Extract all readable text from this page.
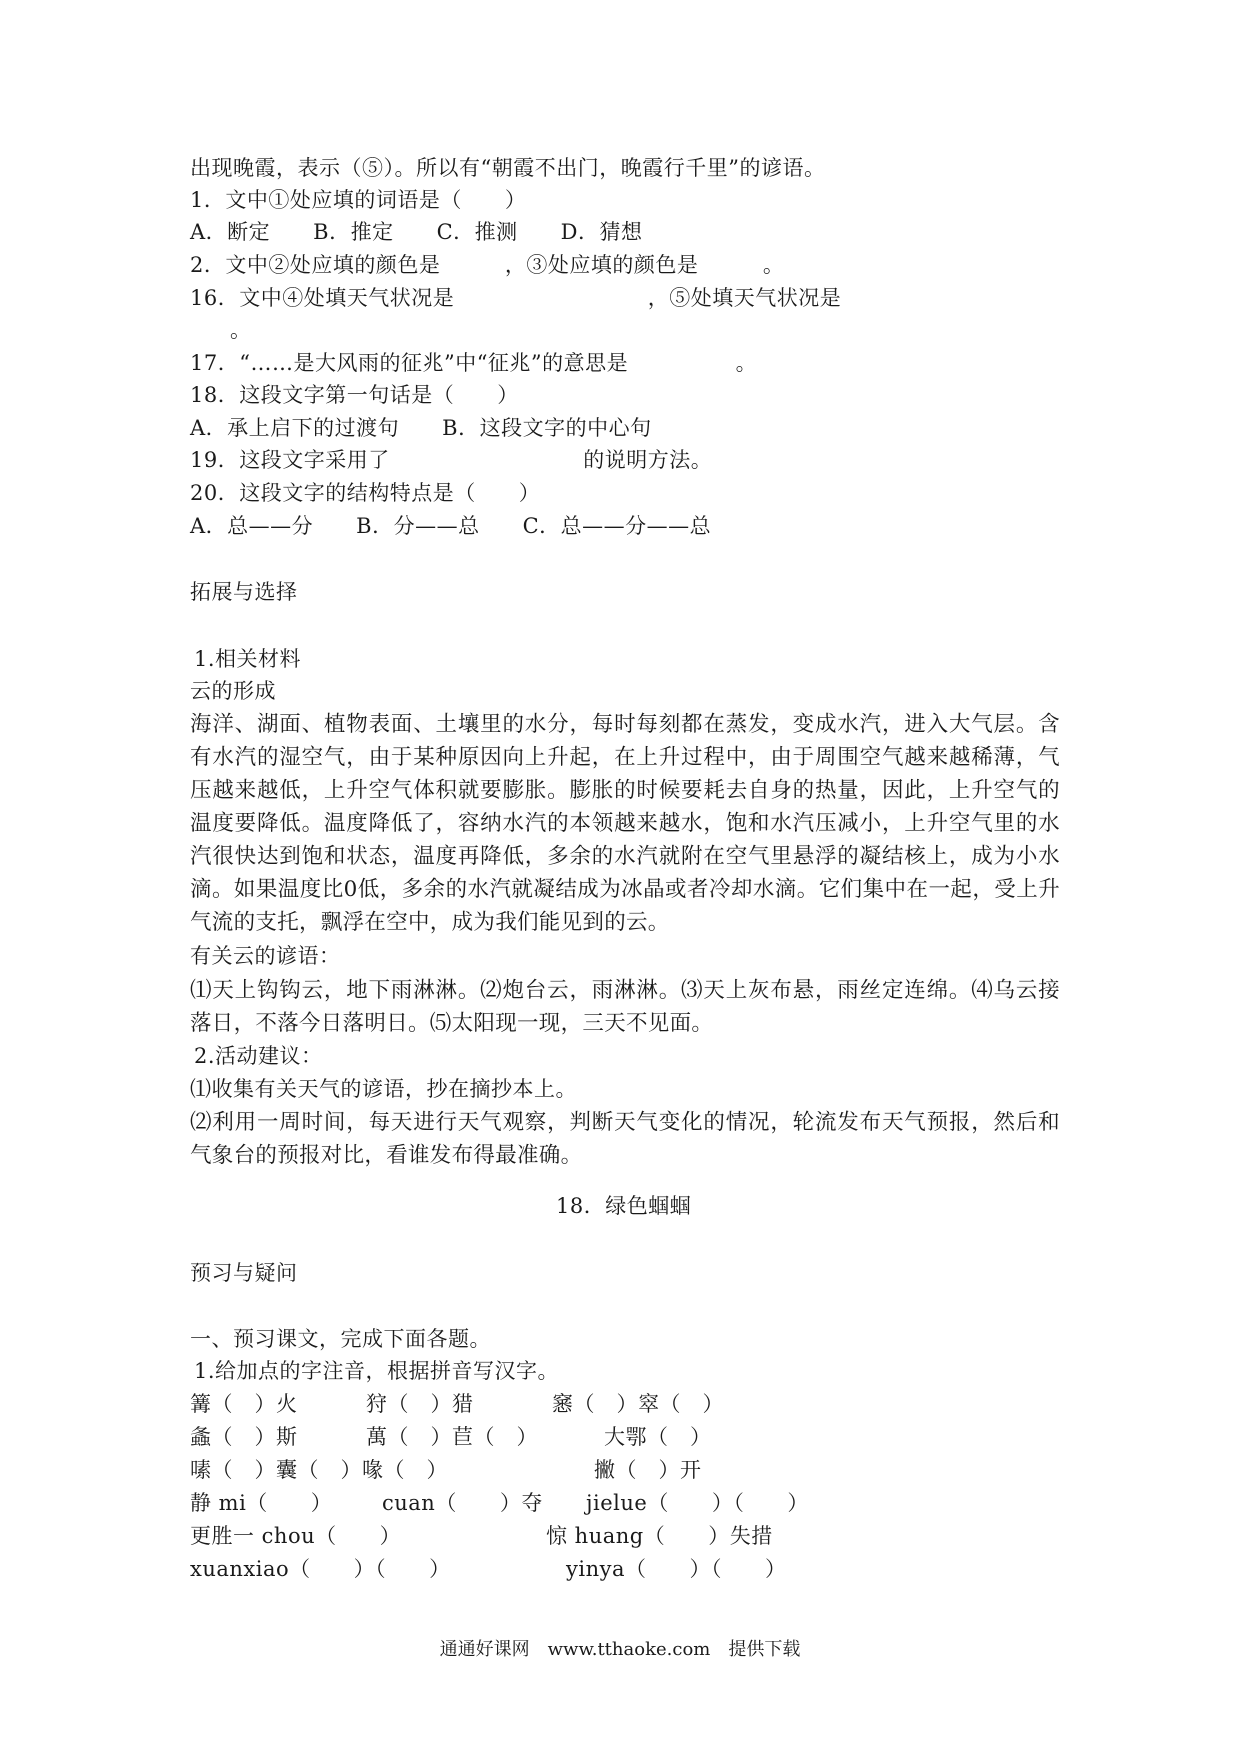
出现晚霞，表示（⑤）。所以有“朝霞不出门，晚霞行千里”的谚语。
1．文中①处应填的词语是（　　）
A．断定　　B．推定　　C．推测　　D．猜想
2．文中②处应填的颜色是　　　，③处应填的颜色是　　　。
16．文中④处填天气状况是　　　　　　　　　，⑤处填天气状况是
。
17．“……是大风雨的征兆”中“征兆”的意思是　　　　　。
18．这段文字第一句话是（　　）
A．承上启下的过渡句　　B．这段文字的中心句
19．这段文字采用了　　　　　　　　　的说明方法。
20．这段文字的结构特点是（　　）
A．总——分　　B．分——总　　C．总——分——总
拓展与选择
1.相关材料
云的形成
海洋、湖面、植物表面、土壤里的水分，每时每刻都在蒸发，变成水汽，进入大气层。含有水汽的湿空气，由于某种原因向上升起，在上升过程中，由于周围空气越来越稀薄，气压越来越低，上升空气体积就要膨胀。膨胀的时候要耗去自身的热量，因此，上升空气的温度要降低。温度降低了，容纳水汽的本领越来越水，饱和水汽压减小，上升空气里的水汽很快达到饱和状态，温度再降低，多余的水汽就附在空气里悬浮的凝结核上，成为小水滴。如果温度比0低，多余的水汽就凝结成为冰晶或者冷却水滴。它们集中在一起，受上升气流的支托，飘浮在空中，成为我们能见到的云。
有关云的谚语：
⑴天上钩钩云，地下雨淋淋。⑵炮台云，雨淋淋。⑶天上灰布悬，雨丝定连绵。⑷乌云接落日，不落今日落明日。⑸太阳现一现，三天不见面。
2.活动建议：
⑴收集有关天气的谚语，抄在摘抄本上。
⑵利用一周时间，每天进行天气观察，判断天气变化的情况，轮流发布天气预报，然后和气象台的预报对比，看谁发布得最准确。
18．绿色蝈蝈
预习与疑问
一、预习课文，完成下面各题。
1.给加点的字注音，根据拼音写汉字。
篝（　）火	狩（　）猎	窸（　）窣（　）
螽（　）斯	萬（　）苣（　）	大鄂（　）
嗉（　）囊（　）喙（　）	撇（　）开
静 mi（　　） cuan（　　）夺 jielue（　　）（　　）
更胜一 chou（　　）	惊 huang（　　）失措
xuanxiao（　　）（　　）	yinya（　　）（　　）
通通好课网　www.tthaoke.com　提供下载
